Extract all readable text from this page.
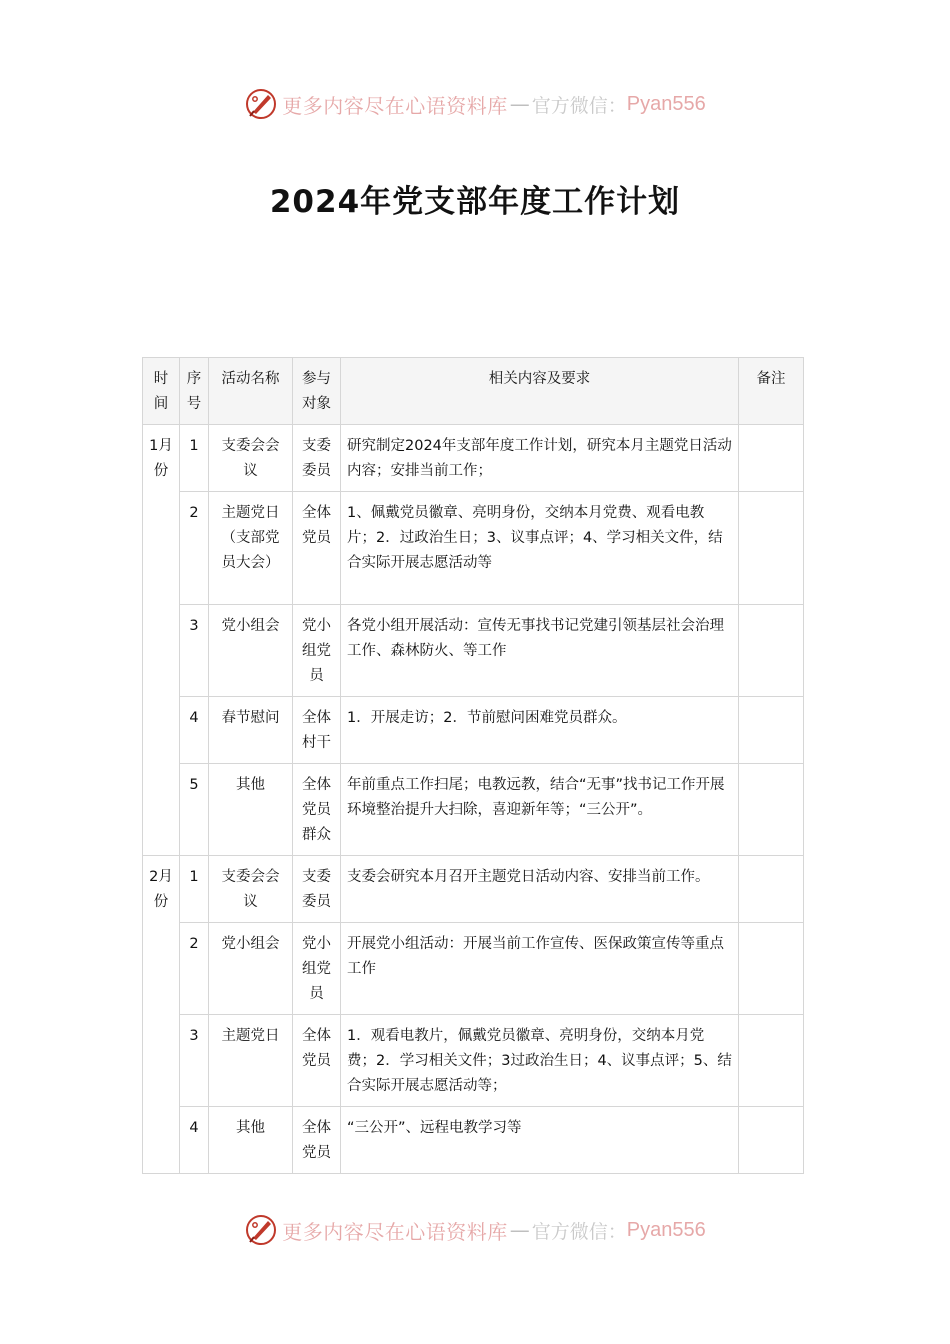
更多内容尽在心语资料库 — 官方微信： Pyan556
2024年党支部年度工作计划
时间	序号	活动名称	参与对象	相关内容及要求	备注
1月份	1	支委会会议	支委委员	研究制定2024年支部年度工作计划，研究本月主题党日活动内容；安排当前工作；	
	2	主题党日（支部党员大会）	全体党员	1、佩戴党员徽章、亮明身份，交纳本月党费、观看电教片；2．过政治生日；3、议事点评；4、学习相关文件，结合实际开展志愿活动等	
	3	党小组会	党小组党员	各党小组开展活动：宣传无事找书记党建引领基层社会治理工作、森林防火、等工作	
	4	春节慰问	全体村干	1．开展走访；2．节前慰问困难党员群众。	
	5	其他	全体党员群众	年前重点工作扫尾；电教远教，结合“无事”找书记工作开展环境整治提升大扫除，喜迎新年等；“三公开”。	
2月份	1	支委会会议	支委委员	支委会研究本月召开主题党日活动内容、安排当前工作。	
	2	党小组会	党小组党员	开展党小组活动：开展当前工作宣传、医保政策宣传等重点工作	
	3	主题党日	全体党员	1．观看电教片，佩戴党员徽章、亮明身份，交纳本月党费；2．学习相关文件；3过政治生日；4、议事点评；5、结合实际开展志愿活动等；	
	4	其他	全体党员	“三公开”、远程电教学习等	
更多内容尽在心语资料库 — 官方微信： Pyan556
